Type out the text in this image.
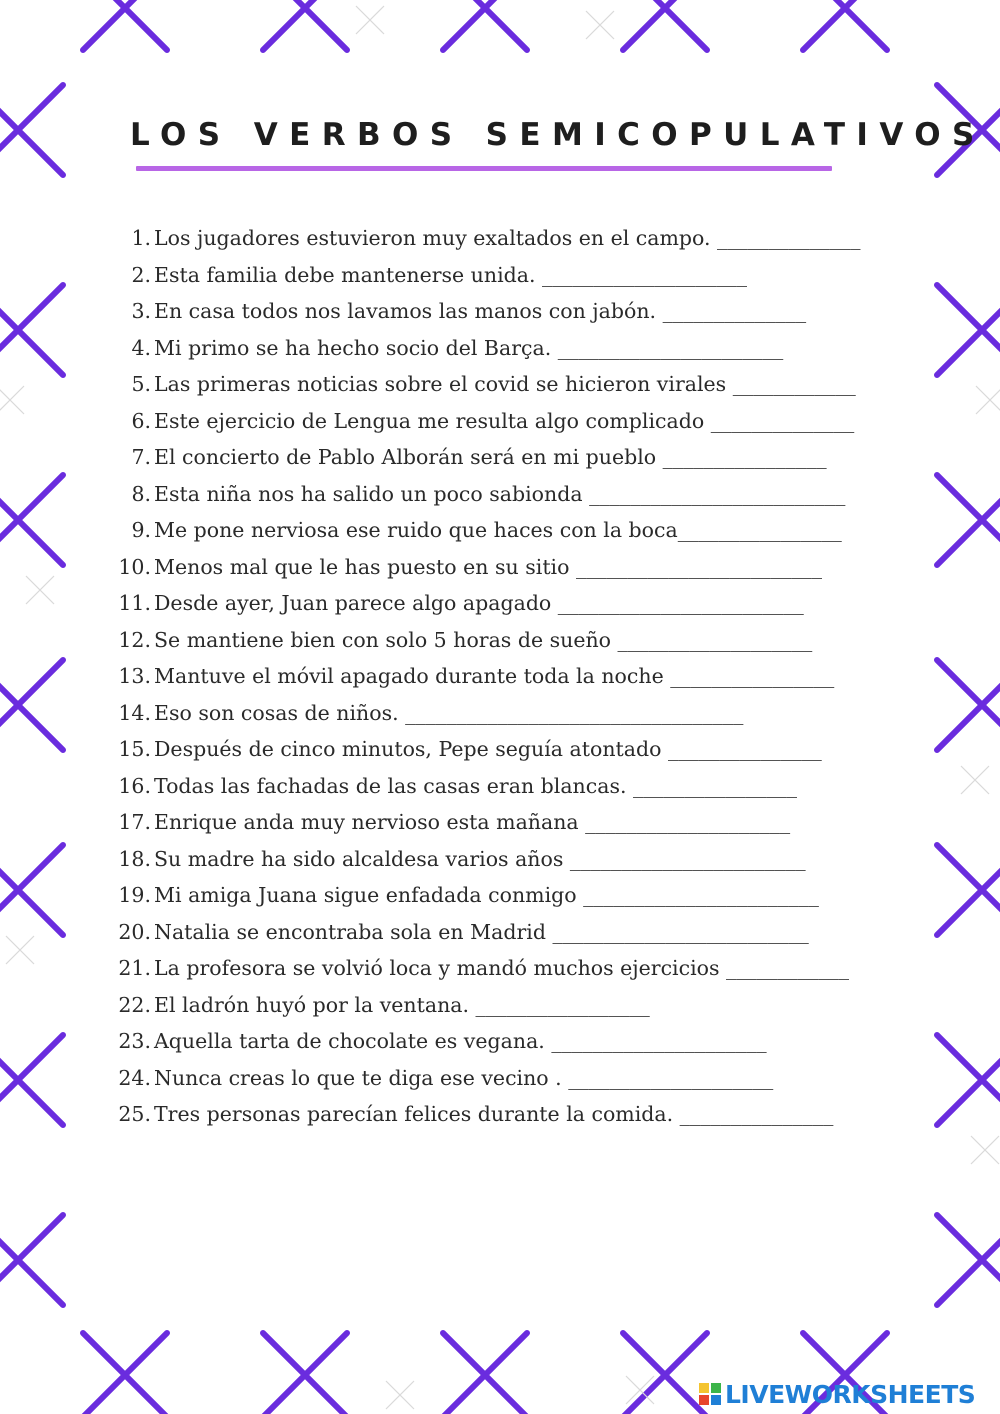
LOS VERBOS SEMICOPULATIVOS
1. Los jugadores estuvieron muy exaltados en el campo. ______________
2. Esta familia debe mantenerse unida. ____________________
3. En casa todos nos lavamos las manos con jabón. ______________
4. Mi primo se ha hecho socio del Barça. ______________________
5. Las primeras noticias sobre el covid se hicieron virales ____________
6. Este ejercicio de Lengua me resulta algo complicado ______________
7. El concierto de Pablo Alborán será en mi pueblo ________________
8. Esta niña nos ha salido un poco sabionda _________________________
9. Me pone nerviosa ese ruido que haces con la boca________________
10. Menos mal que le has puesto en su sitio ________________________
11. Desde ayer, Juan parece algo apagado ________________________
12. Se mantiene bien con solo 5 horas de sueño ___________________
13. Mantuve el móvil apagado durante toda la noche ________________
14. Eso son cosas de niños. _________________________________
15. Después de cinco minutos, Pepe seguía atontado _______________
16. Todas las fachadas de las casas eran blancas. ________________
17. Enrique anda muy nervioso esta mañana ____________________
18. Su madre ha sido alcaldesa varios años _______________________
19. Mi amiga Juana sigue enfadada conmigo _______________________
20. Natalia se encontraba sola en Madrid _________________________
21. La profesora se volvió loca y mandó muchos ejercicios ____________
22. El ladrón huyó por la ventana. _________________
23. Aquella tarta de chocolate es vegana. _____________________
24. Nunca creas lo que te diga ese vecino . ____________________
25. Tres personas parecían felices durante la comida. _______________
LIVEWORKSHEETS
